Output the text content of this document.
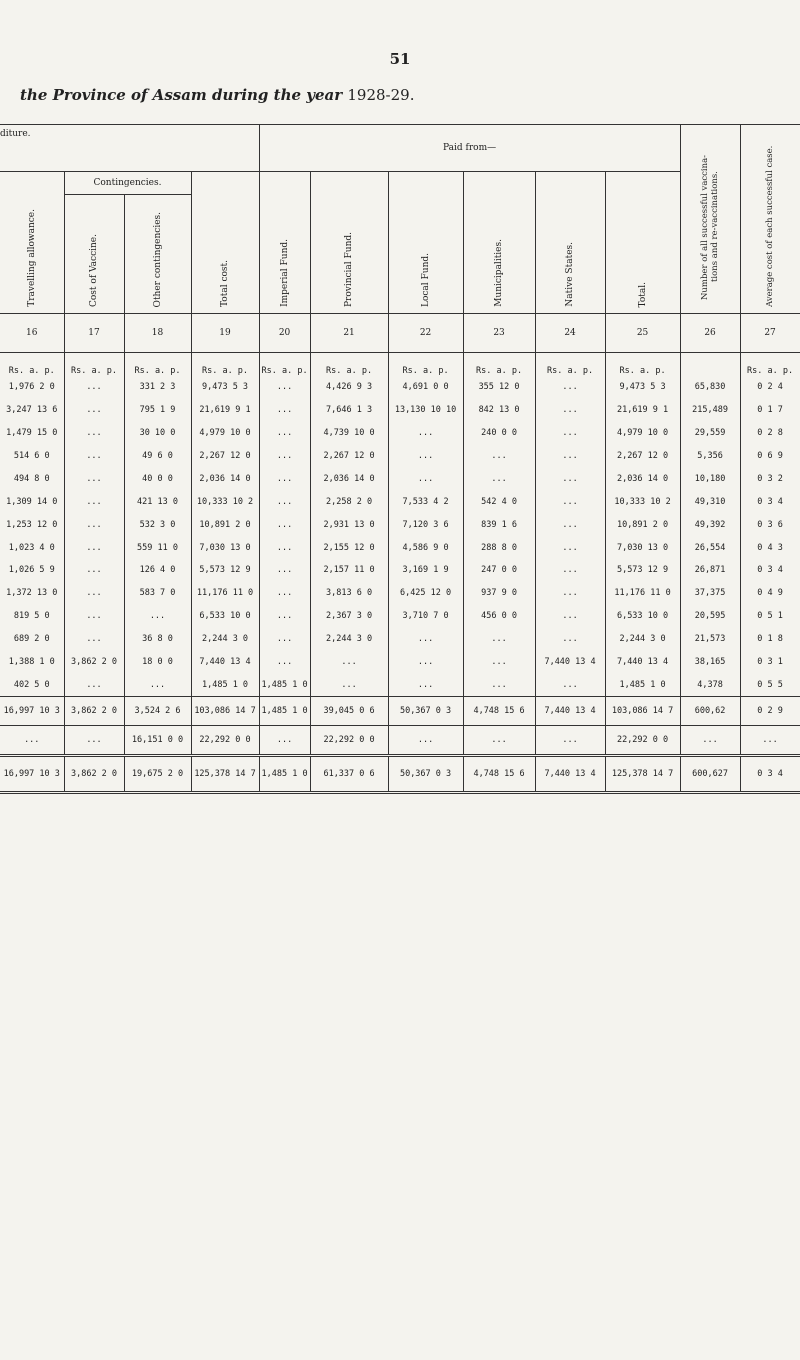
51
the Province of Assam during the year 1928-29.
diture.				Paid from—						Number of all successful vaccina- tions and re-vaccinations.	Average cost of each successful case.

Travelling allowance.	Contingencies.		Total cost.	Imperial Fund.	Provincial Fund.	Local Fund.	Municipalities.	Native States.	Total.		

	Cost of Vaccine.	Other contingencies.									

16	17	18	19	20	21	22	23	24	25	26	27
Rs. a. p.	Rs. a. p.	Rs. a. p.	Rs. a. p.	Rs. a. p.	Rs. a. p.	Rs. a. p.	Rs. a. p.	Rs. a. p.	Rs. a. p.		Rs. a. p.
1,976 2 0	...	331 2 3	9,473 5 3	...	4,426 9 3	4,691 0 0	355 12 0	...	9,473 5 3	65,830	0 2 4
3,247 13 6	...	795 1 9	21,619 9 1	...	7,646 1 3	13,130 10 10	842 13 0	...	21,619 9 1	215,489	0 1 7
1,479 15 0	...	30 10 0	4,979 10 0	...	4,739 10 0	...	240 0 0	...	4,979 10 0	29,559	0 2 8
514 6 0	...	49 6 0	2,267 12 0	...	2,267 12 0	...	...	...	2,267 12 0	5,356	0 6 9
494 8 0	...	40 0 0	2,036 14 0	...	2,036 14 0	...	...	...	2,036 14 0	10,180	0 3 2
1,309 14 0	...	421 13 0	10,333 10 2	...	2,258 2 0	7,533 4 2	542 4 0	...	10,333 10 2	49,310	0 3 4
1,253 12 0	...	532 3 0	10,891 2 0	...	2,931 13 0	7,120 3 6	839 1 6	...	10,891 2 0	49,392	0 3 6
1,023 4 0	...	559 11 0	7,030 13 0	...	2,155 12 0	4,586 9 0	288 8 0	...	7,030 13 0	26,554	0 4 3
1,026 5 9	...	126 4 0	5,573 12 9	...	2,157 11 0	3,169 1 9	247 0 0	...	5,573 12 9	26,871	0 3 4
1,372 13 0	...	583 7 0	11,176 11 0	...	3,813 6 0	6,425 12 0	937 9 0	...	11,176 11 0	37,375	0 4 9
819 5 0	...	...	6,533 10 0	...	2,367 3 0	3,710 7 0	456 0 0	...	6,533 10 0	20,595	0 5 1
689 2 0	...	36 8 0	2,244 3 0	...	2,244 3 0	...	...	...	2,244 3 0	21,573	0 1 8
1,388 1 0	3,862 2 0	18 0 0	7,440 13 4	...	...	...	...	7,440 13 4	7,440 13 4	38,165	0 3 1
402 5 0	...	...	1,485 1 0	1,485 1 0	...	...	...	...	1,485 1 0	4,378	0 5 5
16,997 10 3	3,862 2 0	3,524 2 6	103,086 14 7	1,485 1 0	39,045 0 6	50,367 0 3	4,748 15 6	7,440 13 4	103,086 14 7	600,62	0 2 9
...	...	16,151 0 0	22,292 0 0	...	22,292 0 0	...	...	...	22,292 0 0	...	...
16,997 10 3	3,862 2 0	19,675 2 0	125,378 14 7	1,485 1 0	61,337 0 6	50,367 0 3	4,748 15 6	7,440 13 4	125,378 14 7	600,627	0 3 4
